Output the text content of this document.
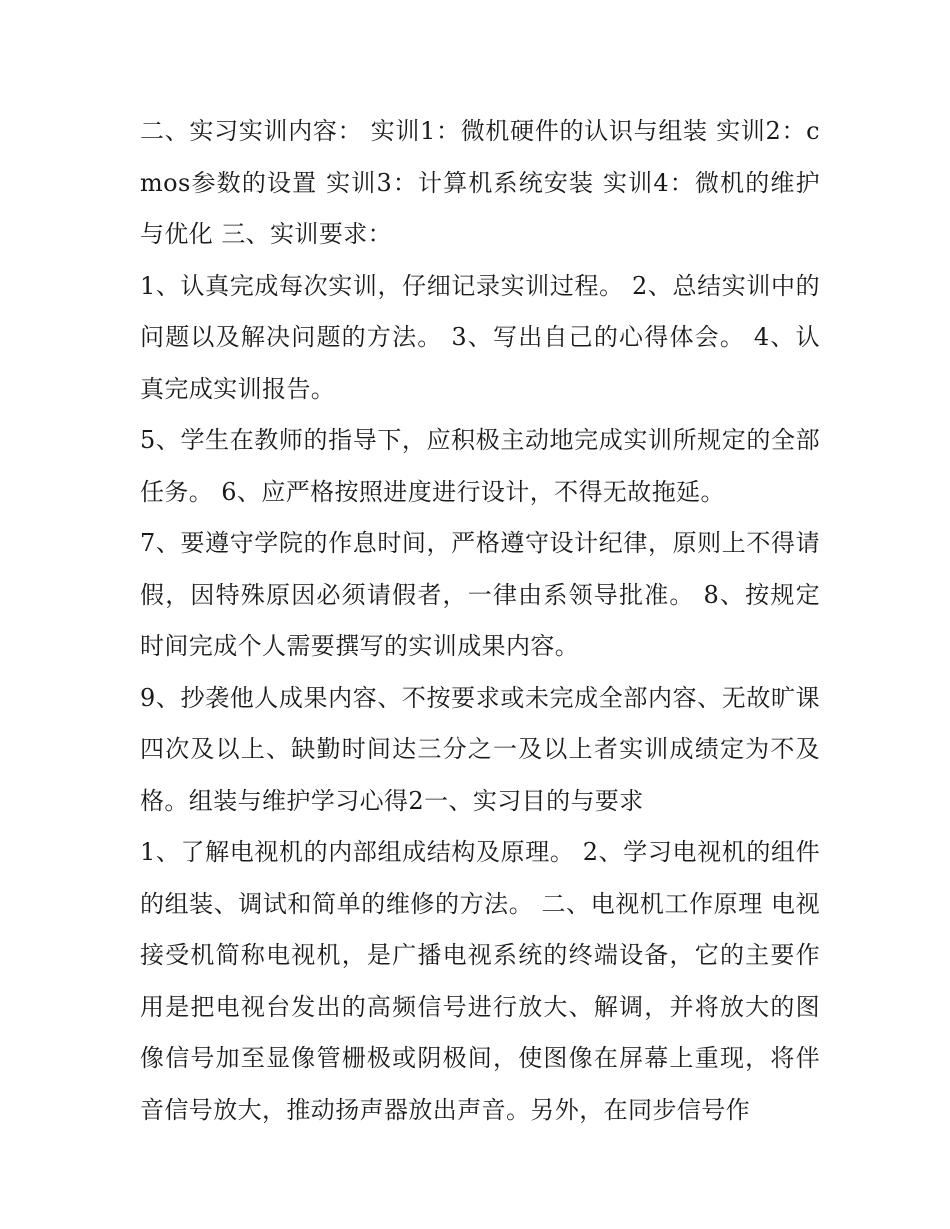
二、实习实训内容： 实训1：微机硬件的认识与组装 实训2：cmos参数的设置 实训3：计算机系统安装 实训4：微机的维护与优化 三、实训要求：

1、认真完成每次实训，仔细记录实训过程。 2、总结实训中的问题以及解决问题的方法。 3、写出自己的心得体会。 4、认真完成实训报告。

5、学生在教师的指导下，应积极主动地完成实训所规定的全部任务。 6、应严格按照进度进行设计，不得无故拖延。

7、要遵守学院的作息时间，严格遵守设计纪律，原则上不得请假，因特殊原因必须请假者，一律由系领导批准。 8、按规定时间完成个人需要撰写的实训成果内容。

9、抄袭他人成果内容、不按要求或未完成全部内容、无故旷课四次及以上、缺勤时间达三分之一及以上者实训成绩定为不及格。组装与维护学习心得2一、实习目的与要求

1、了解电视机的内部组成结构及原理。 2、学习电视机的组件的组装、调试和简单的维修的方法。 二、电视机工作原理 电视接受机简称电视机，是广播电视系统的终端设备，它的主要作用是把电视台发出的高频信号进行放大、解调，并将放大的图像信号加至显像管栅极或阴极间，使图像在屏幕上重现，将伴音信号放大，推动扬声器放出声音。另外，在同步信号作
